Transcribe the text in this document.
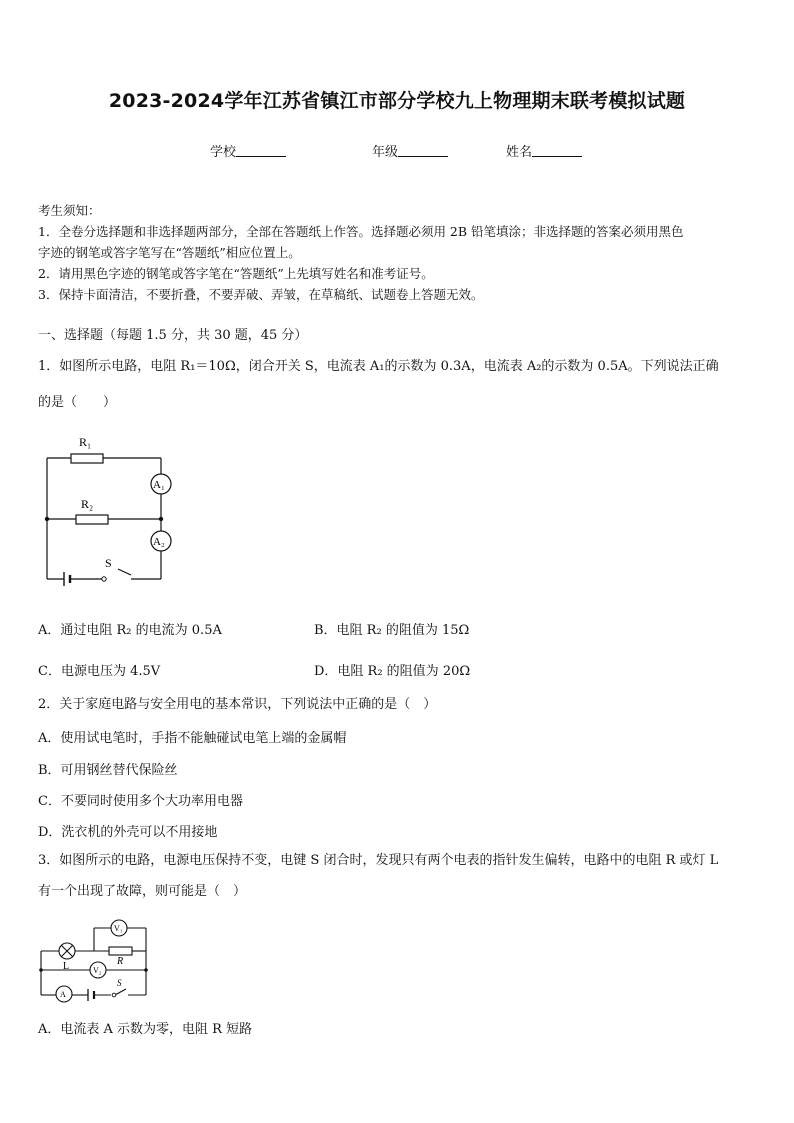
2023-2024学年江苏省镇江市部分学校九上物理期末联考模拟试题
学校	年级	姓名
考生须知：
1．全卷分选择题和非选择题两部分，全部在答题纸上作答。选择题必须用 2B 铅笔填涂；非选择题的答案必须用黑色
字迹的钢笔或答字笔写在“答题纸”相应位置上。
2．请用黑色字迹的钢笔或答字笔在“答题纸”上先填写姓名和准考证号。
3．保持卡面清洁，不要折叠，不要弄破、弄皱，在草稿纸、试题卷上答题无效。
一、选择题（每题 1.5 分，共 30 题，45 分）
1．如图所示电路，电阻 R₁＝10Ω，闭合开关 S，电流表 A₁的示数为 0.3A，电流表 A₂的示数为 0.5A。下列说法正确
的是（　　）
R₁
R₂
A₁
A₂
S
A．通过电阻 R₂ 的电流为 0.5A	B．电阻 R₂ 的阻值为 15Ω
C．电源电压为 4.5V	D．电阻 R₂ 的阻值为 20Ω
2．关于家庭电路与安全用电的基本常识，下列说法中正确的是（　）
A．使用试电笔时，手指不能触碰试电笔上端的金属帽
B．可用钢丝替代保险丝
C．不要同时使用多个大功率用电器
D．洗衣机的外壳可以不用接地
3．如图所示的电路，电源电压保持不变，电键 S 闭合时，发现只有两个电表的指针发生偏转，电路中的电阻 R 或灯 L
有一个出现了故障，则可能是（　）
V₁
V₂
R
L
A
S
A．电流表 A 示数为零，电阻 R 短路
